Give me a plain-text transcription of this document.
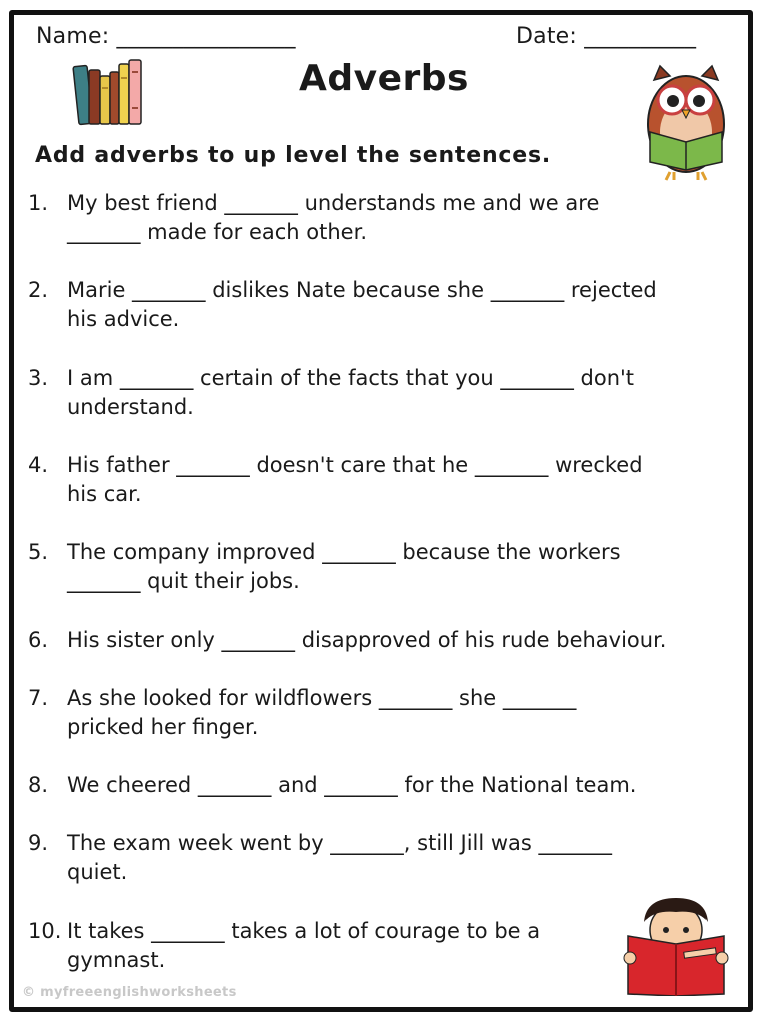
Name: ________________	Date: __________
Adverbs
Add adverbs to up level the sentences.
1. My best friend _______ understands me and we are
_______ made for each other.
2. Marie _______ dislikes Nate because she _______ rejected
his advice.
3. I am _______ certain of the facts that you _______ don't
understand.
4. His father _______ doesn't care that he _______ wrecked
his car.
5. The company improved _______ because the workers
_______ quit their jobs.
6. His sister only _______ disapproved of his rude behaviour.
7. As she looked for wildflowers _______ she _______
pricked her finger.
8. We cheered _______ and _______ for the National team.
9. The exam week went by _______, still Jill was _______
quiet.
10. It takes _______ takes a lot of courage to be a
gymnast.
© myfreeenglishworksheets
